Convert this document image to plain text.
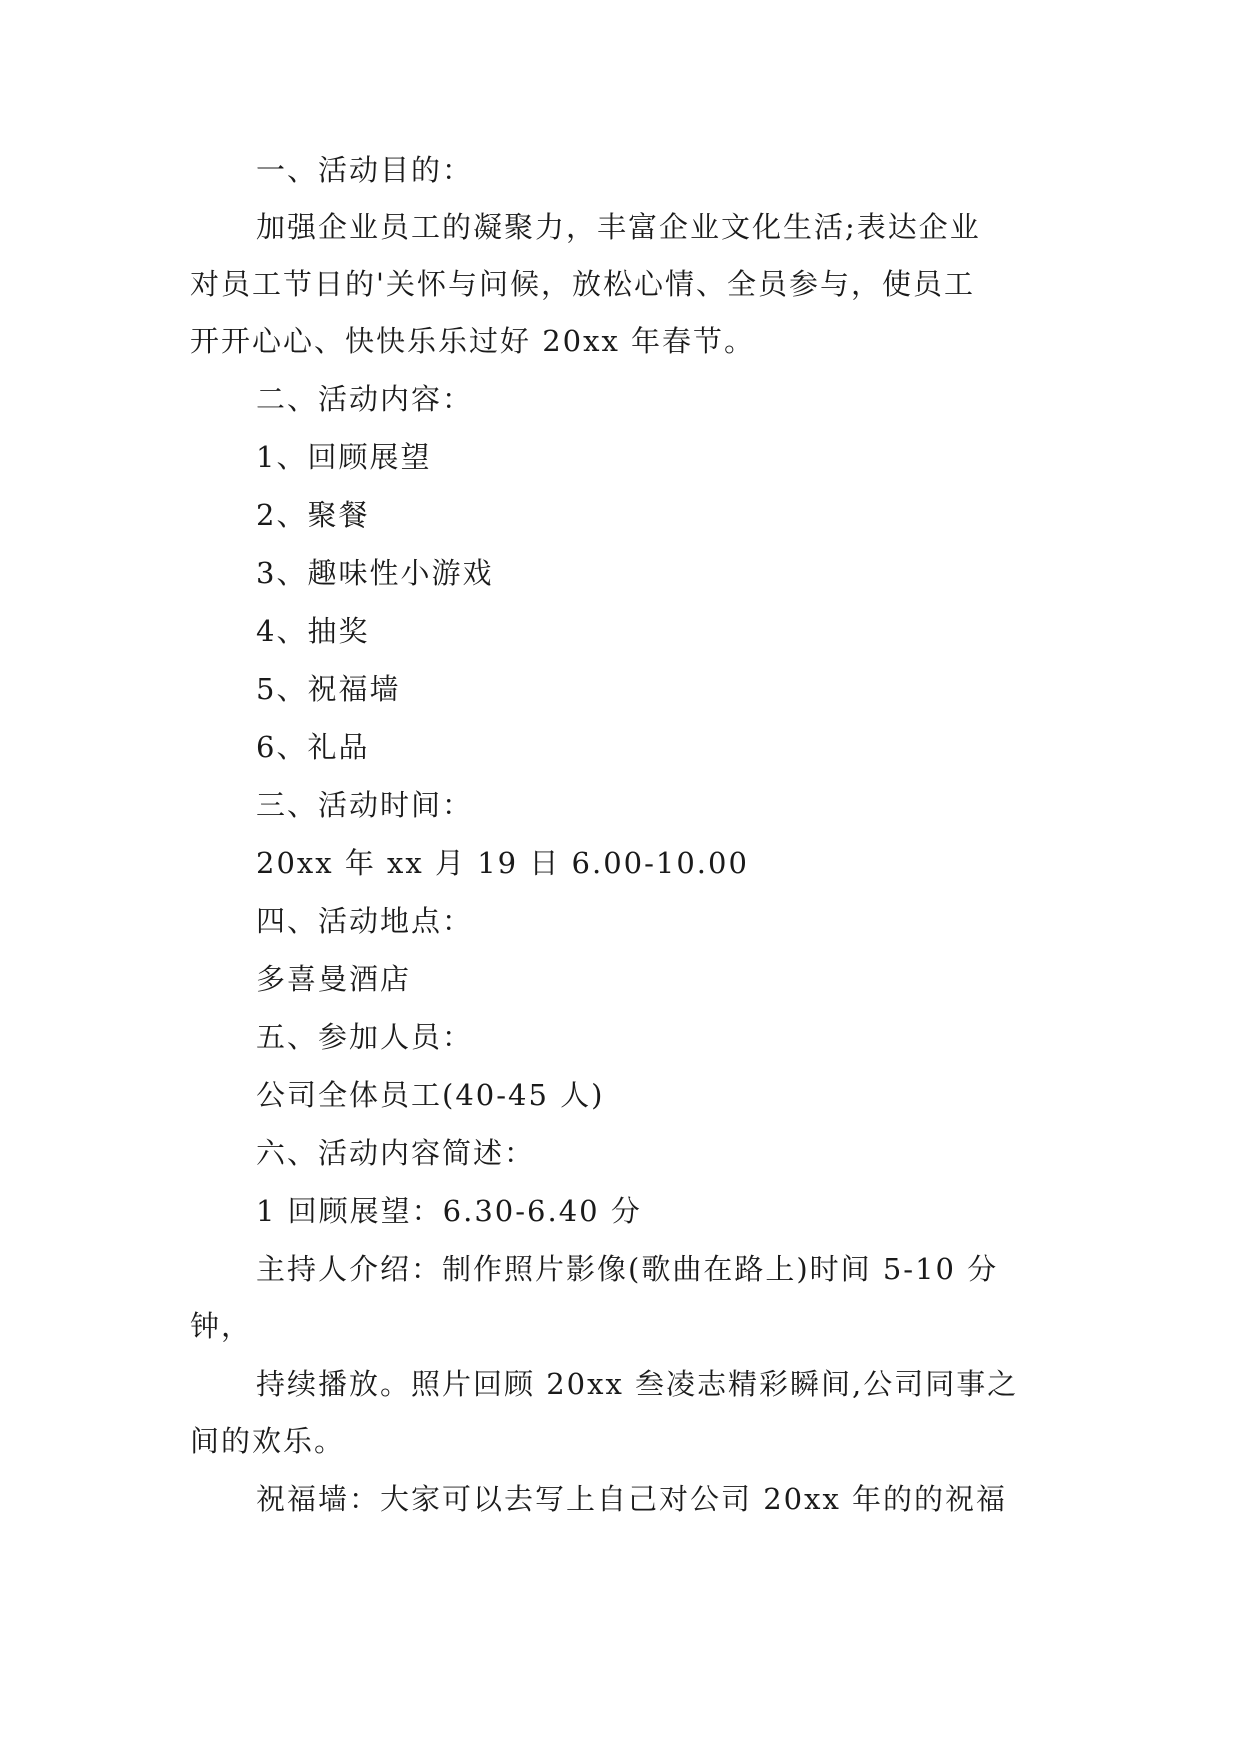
一、活动目的：
加强企业员工的凝聚力，丰富企业文化生活;表达企业
对员工节日的'关怀与问候，放松心情、全员参与，使员工
开开心心、快快乐乐过好 20xx 年春节。
二、活动内容：
1、回顾展望
2、聚餐
3、趣味性小游戏
4、抽奖
5、祝福墙
6、礼品
三、活动时间：
20xx 年 xx 月 19 日 6.00-10.00
四、活动地点：
多喜曼酒店
五、参加人员：
公司全体员工(40-45 人)
六、活动内容简述：
1 回顾展望：6.30-6.40 分
主持人介绍：制作照片影像(歌曲在路上)时间 5-10 分
钟，
持续播放。照片回顾 20xx 叁凌志精彩瞬间,公司同事之
间的欢乐。
祝福墙：大家可以去写上自己对公司 20xx 年的的祝福
